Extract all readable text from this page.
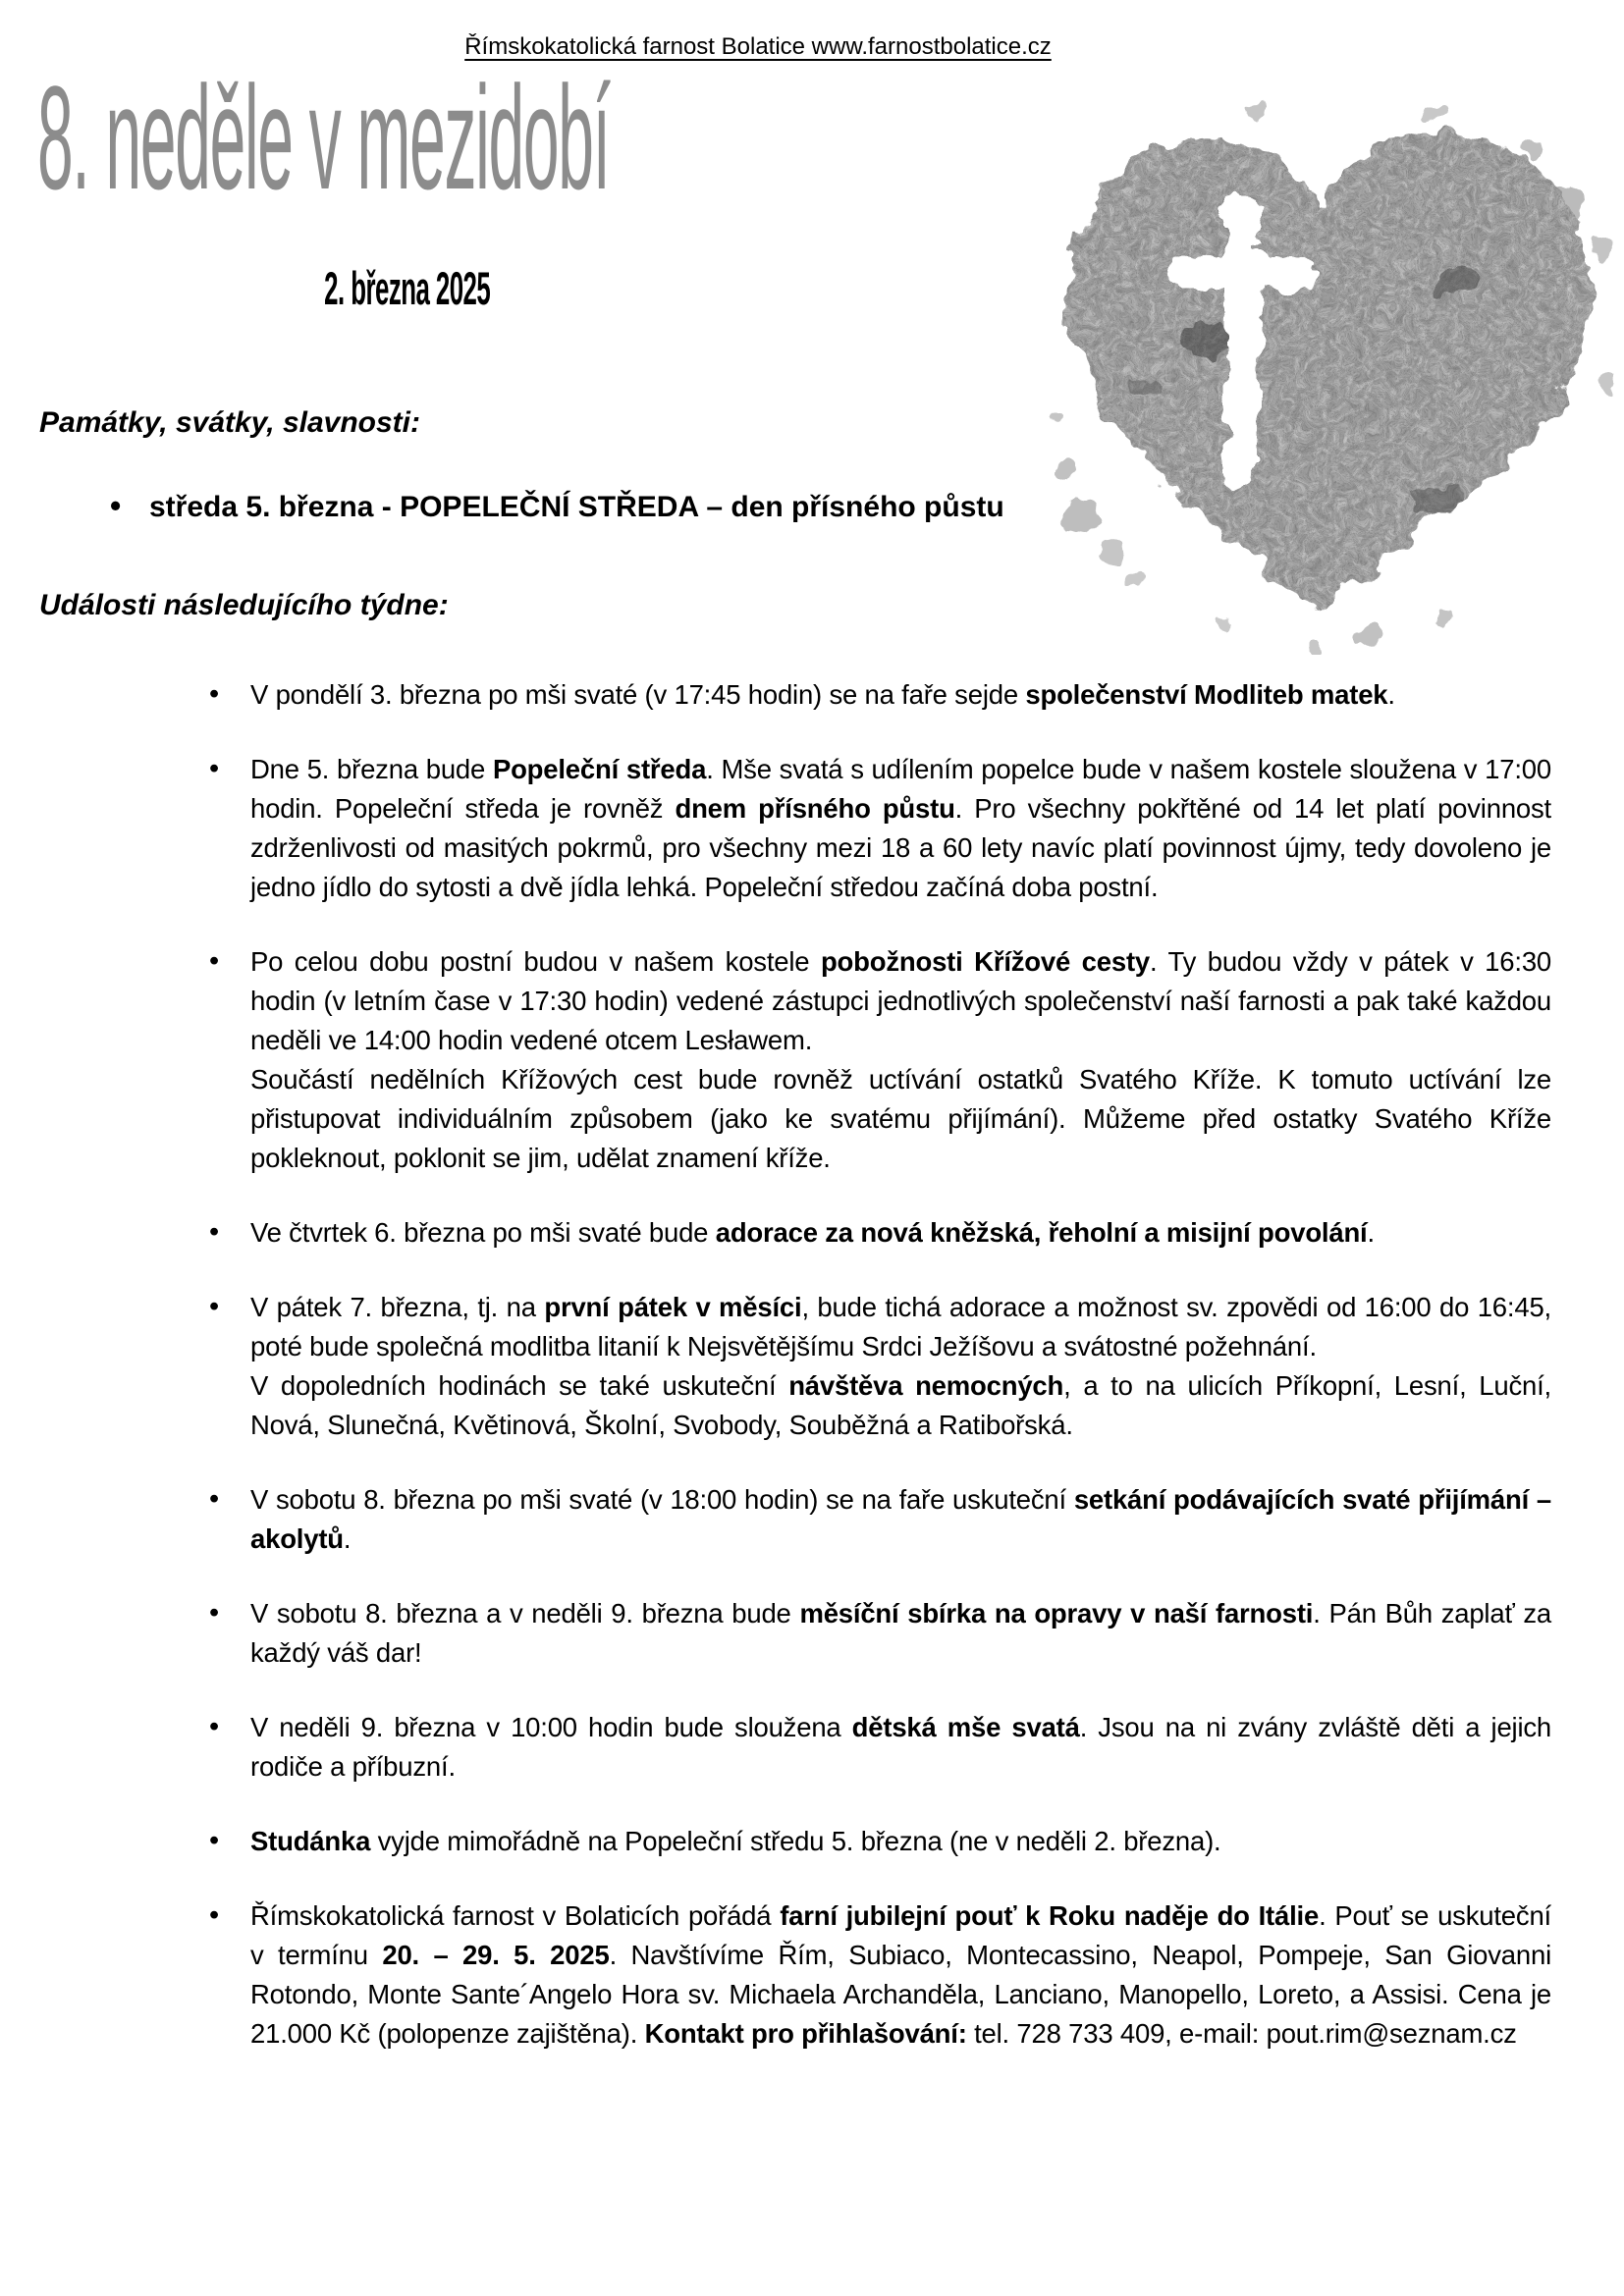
Římskokatolická farnost Bolatice www.farnostbolatice.cz
8. neděle v mezidobí
2. března 2025
Památky, svátky, slavnosti:
• středa 5. března - POPELEČNÍ STŘEDA – den přísného půstu
Události následujícího týdne:
• V pondělí 3. března po mši svaté (v 17:45 hodin) se na faře sejde společenství Modliteb matek.
• Dne 5. března bude Popeleční středa. Mše svatá s udílením popelce bude v našem kostele sloužena v 17:00 hodin. Popeleční středa je rovněž dnem přísného půstu. Pro všechny pokřtěné od 14 let platí povinnost zdrženlivosti od masitých pokrmů, pro všechny mezi 18 a 60 lety navíc platí povinnost újmy, tedy dovoleno je jedno jídlo do sytosti a dvě jídla lehká. Popeleční středou začíná doba postní.
• Po celou dobu postní budou v našem kostele pobožnosti Křížové cesty. Ty budou vždy v pátek v 16:30 hodin (v letním čase v 17:30 hodin) vedené zástupci jednotlivých společenství naší farnosti a pak také každou neděli ve 14:00 hodin vedené otcem Lesławem.
Součástí nedělních Křížových cest bude rovněž uctívání ostatků Svatého Kříže. K tomuto uctívání lze přistupovat individuálním způsobem (jako ke svatému přijímání). Můžeme před ostatky Svatého Kříže pokleknout, poklonit se jim, udělat znamení kříže.
• Ve čtvrtek 6. března po mši svaté bude adorace za nová kněžská, řeholní a misijní povolání.
• V pátek 7. března, tj. na první pátek v měsíci, bude tichá adorace a možnost sv. zpovědi od 16:00 do 16:45, poté bude společná modlitba litanií k Nejsvětějšímu Srdci Ježíšovu a svátostné požehnání.
V dopoledních hodinách se také uskuteční návštěva nemocných, a to na ulicích Příkopní, Lesní, Luční, Nová, Slunečná, Květinová, Školní, Svobody, Souběžná a Ratibořská.
• V sobotu 8. března po mši svaté (v 18:00 hodin) se na faře uskuteční setkání podávajících svaté přijímání – akolytů.
• V sobotu 8. března a v neděli 9. března bude měsíční sbírka na opravy v naší farnosti. Pán Bůh zaplať za každý váš dar!
• V neděli 9. března v 10:00 hodin bude sloužena dětská mše svatá. Jsou na ni zvány zvláště děti a jejich rodiče a příbuzní.
• Studánka vyjde mimořádně na Popeleční středu 5. března (ne v neděli 2. března).
• Římskokatolická farnost v Bolaticích pořádá farní jubilejní pouť k Roku naděje do Itálie. Pouť se uskuteční v termínu 20. – 29. 5. 2025. Navštívíme Řím, Subiaco, Montecassino, Neapol, Pompeje, San Giovanni Rotondo, Monte Sante´Angelo Hora sv. Michaela Archanděla, Lanciano, Manopello, Loreto, a Assisi. Cena je 21.000 Kč (polopenze zajištěna). Kontakt pro přihlašování: tel. 728 733 409, e-mail: pout.rim@seznam.cz
